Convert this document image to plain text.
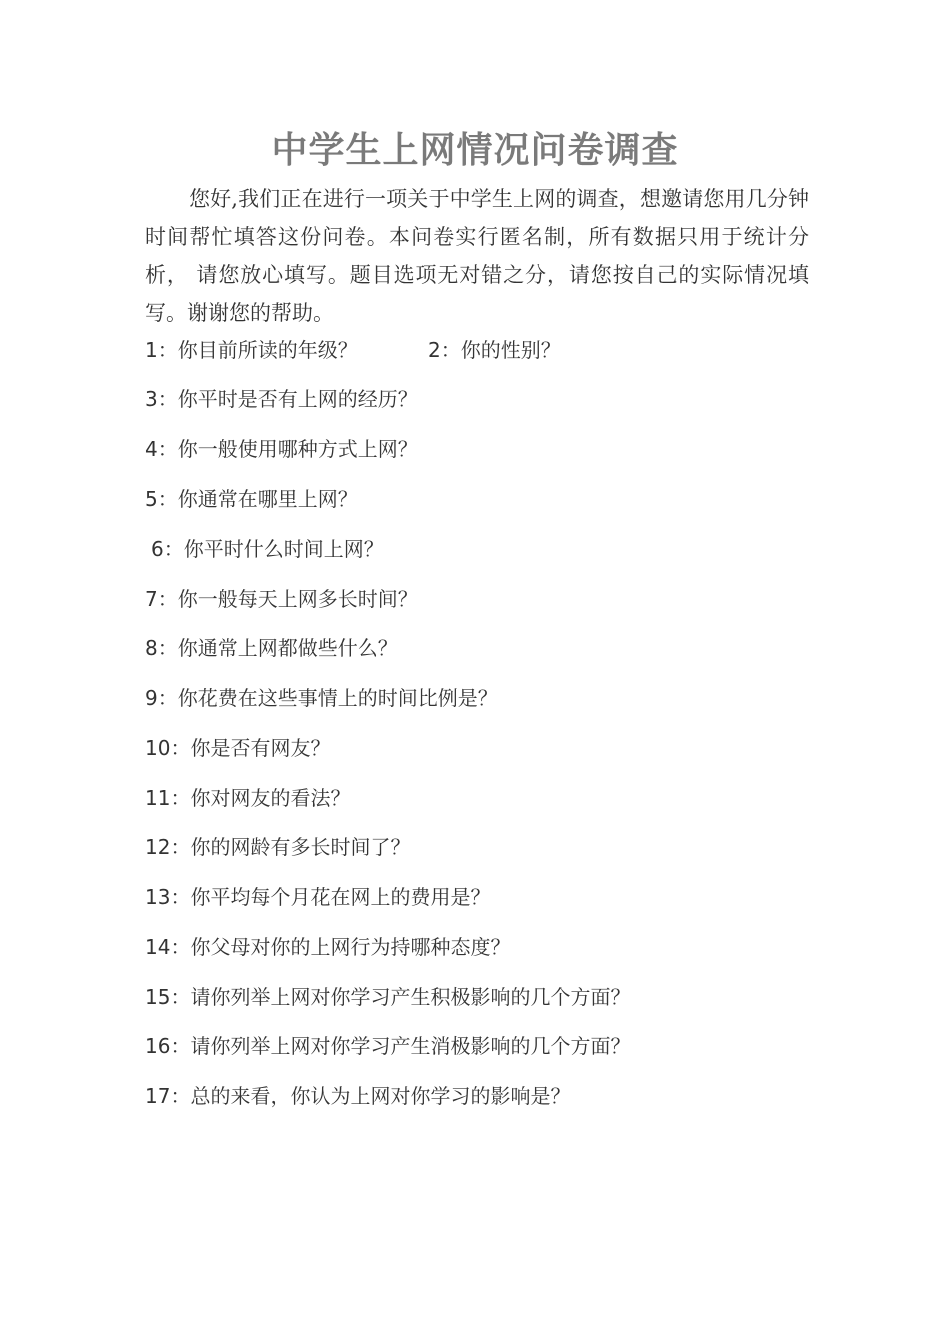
中学生上网情况问卷调查

您好,我们正在进行一项关于中学生上网的调查，想邀请您用几分钟时间帮忙填答这份问卷。本问卷实行匿名制，所有数据只用于统计分析， 请您放心填写。题目选项无对错之分，请您按自己的实际情况填写。谢谢您的帮助。

1：你目前所读的年级？	2：你的性别？
3：你平时是否有上网的经历？
4：你一般使用哪种方式上网？
5：你通常在哪里上网？
6：你平时什么时间上网？
7：你一般每天上网多长时间？
8：你通常上网都做些什么？
9：你花费在这些事情上的时间比例是？
10：你是否有网友？
11：你对网友的看法？
12：你的网龄有多长时间了？
13：你平均每个月花在网上的费用是？
14：你父母对你的上网行为持哪种态度？
15：请你列举上网对你学习产生积极影响的几个方面？
16：请你列举上网对你学习产生消极影响的几个方面？
17：总的来看，你认为上网对你学习的影响是？
